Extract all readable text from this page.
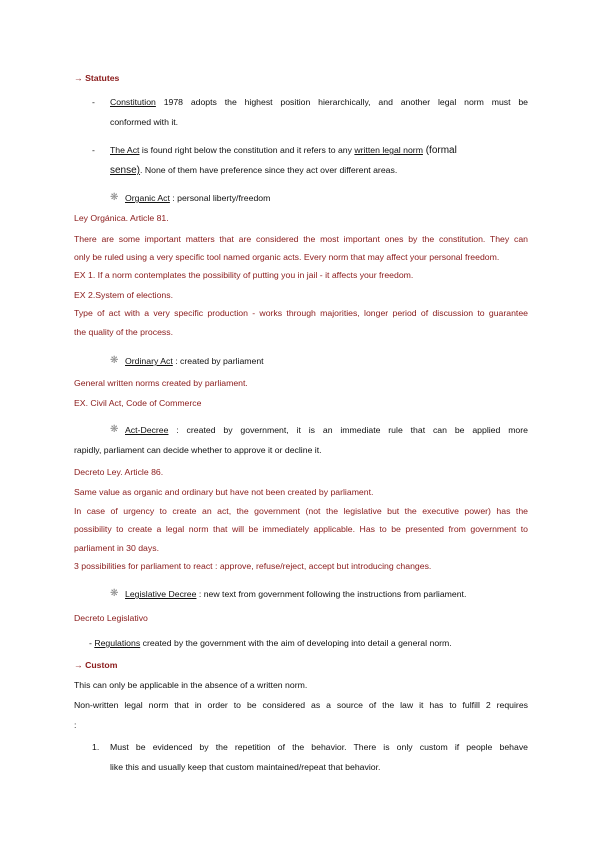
→ Statutes
- Constitution 1978 adopts the highest position hierarchically, and another legal norm must be
conformed with it.
- The Act is found right below the constitution and it refers to any written legal norm (formal
sense). None of them have preference since they act over different areas.
❋ Organic Act : personal liberty/freedom
Ley Orgánica. Article 81.
There are some important matters that are considered the most important ones by the constitution. They can
only be ruled using a very specific tool named organic acts. Every norm that may affect your personal freedom.
EX 1. If a norm contemplates the possibility of putting you in jail - it affects your freedom.
EX 2.System of elections.
Type of act with a very specific production - works through majorities, longer period of discussion to guarantee
the quality of the process.
❋ Ordinary Act : created by parliament
General written norms created by parliament.
EX. Civil Act, Code of Commerce
❋ Act-Decree : created by government, it is an immediate rule that can be applied more
rapidly, parliament can decide whether to approve it or decline it.
Decreto Ley. Article 86.
Same value as organic and ordinary but have not been created by parliament.
In case of urgency to create an act, the government (not the legislative but the executive power) has the
possibility to create a legal norm that will be immediately applicable. Has to be presented from government to
parliament in 30 days.
3 possibilities for parliament to react : approve, refuse/reject, accept but introducing changes.
❋ Legislative Decree : new text from government following the instructions from parliament.
Decreto Legislativo
- Regulations created by the government with the aim of developing into detail a general norm.
→ Custom
This can only be applicable in the absence of a written norm.
Non-written legal norm that in order to be considered as a source of the law it has to fulfill 2 requires
:
1. Must be evidenced by the repetition of the behavior. There is only custom if people behave
like this and usually keep that custom maintained/repeat that behavior.
